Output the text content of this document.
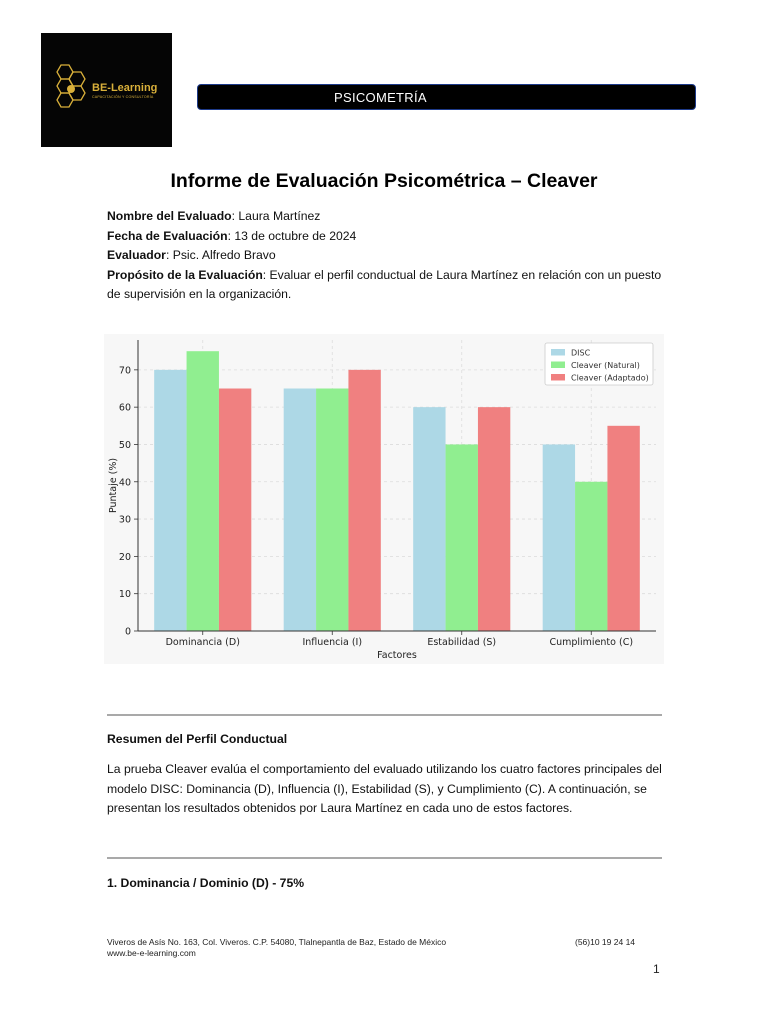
BE-Learning
CAPACITACIÓN Y CONSULTORÍA	PSICOMETRÍA
Informe de Evaluación Psicométrica – Cleaver
Nombre del Evaluado: Laura Martínez
Fecha de Evaluación: 13 de octubre de 2024
Evaluador: Psic. Alfredo Bravo
Propósito de la Evaluación: Evaluar el perfil conductual de Laura Martínez en relación con un puesto de supervisión en la organización.
0
10
20
30
40
50
60
70
Dominancia (D)	Influencia (I)	Estabilidad (S)	Cumplimiento (C)
Factores
Puntaje (%)
DISC
Cleaver (Natural)
Cleaver (Adaptado)
Resumen del Perfil Conductual
La prueba Cleaver evalúa el comportamiento del evaluado utilizando los cuatro factores principales del modelo DISC: Dominancia (D), Influencia (I), Estabilidad (S), y Cumplimiento (C). A continuación, se presentan los resultados obtenidos por Laura Martínez en cada uno de estos factores.
1. Dominancia / Dominio (D) - 75%
Viveros de Asís No. 163, Col. Viveros. C.P. 54080, Tlalnepantla de Baz, Estado de México
www.be-e-learning.com
(56)10 19 24 14
1
